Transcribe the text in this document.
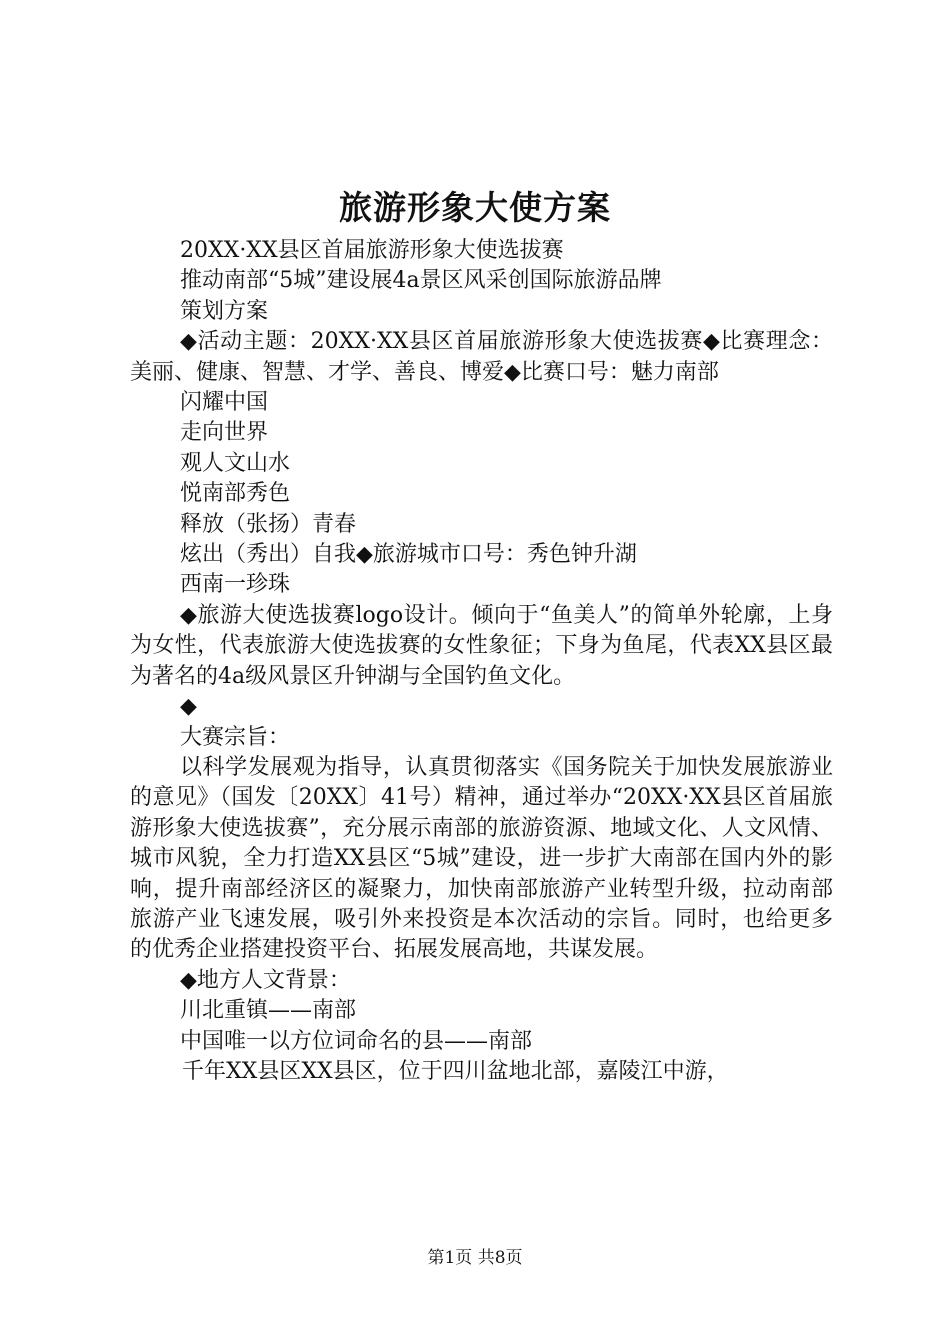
旅游形象大使方案

20XX·XX县区首届旅游形象大使选拔赛

推动南部“5城”建设展4a景区风采创国际旅游品牌

策划方案

◆活动主题：20XX·XX县区首届旅游形象大使选拔赛◆比赛理念：美丽、健康、智慧、才学、善良、博爱◆比赛口号：魅力南部

闪耀中国

走向世界

观人文山水

悦南部秀色

释放（张扬）青春

炫出（秀出）自我◆旅游城市口号：秀色钟升湖

西南一珍珠

◆旅游大使选拔赛logo设计。倾向于“鱼美人”的简单外轮廓，上身为女性，代表旅游大使选拔赛的女性象征；下身为鱼尾，代表XX县区最为著名的4a级风景区升钟湖与全国钓鱼文化。

◆

大赛宗旨：

以科学发展观为指导，认真贯彻落实《国务院关于加快发展旅游业的意见》（国发〔20XX〕41号）精神，通过举办“20XX·XX县区首届旅游形象大使选拔赛”，充分展示南部的旅游资源、地域文化、人文风情、城市风貌，全力打造XX县区“5城”建设，进一步扩大南部在国内外的影响，提升南部经济区的凝聚力，加快南部旅游产业转型升级，拉动南部旅游产业飞速发展，吸引外来投资是本次活动的宗旨。同时，也给更多的优秀企业搭建投资平台、拓展发展高地，共谋发展。

◆地方人文背景：

川北重镇——南部

中国唯一以方位词命名的县——南部

千年XX县区XX县区，位于四川盆地北部，嘉陵江中游，

第1页 共8页
